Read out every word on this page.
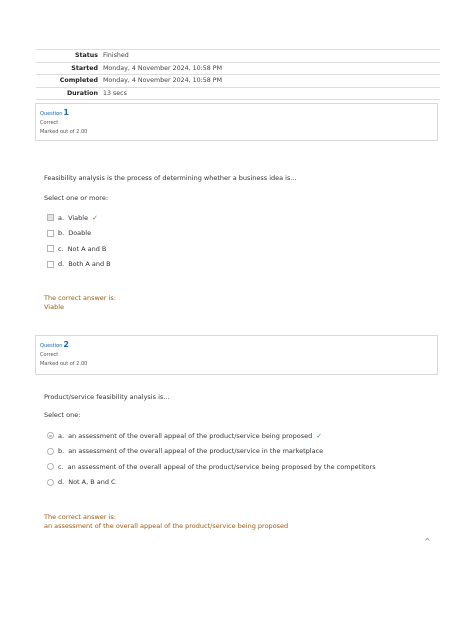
Status Finished
Started Monday, 4 November 2024, 10:58 PM
Completed Monday, 4 November 2024, 10:58 PM
Duration 13 secs
Question 1
Correct
Marked out of 2.00
Feasibility analysis is the process of determining whether a business idea is...
Select one or more:
a. Viable ✓
b. Doable
c. Not A and B
d. Both A and B
The correct answer is:
Viable
Question 2
Correct
Marked out of 2.00
Product/service feasibility analysis is...
Select one:
a. an assessment of the overall appeal of the product/service being proposed ✓
b. an assessment of the overall appeal of the product/service in the marketplace
c. an assessment of the overall appeal of the product/service being proposed by the competitors
d. Not A, B and C
The correct answer is:
an assessment of the overall appeal of the product/service being proposed
^
